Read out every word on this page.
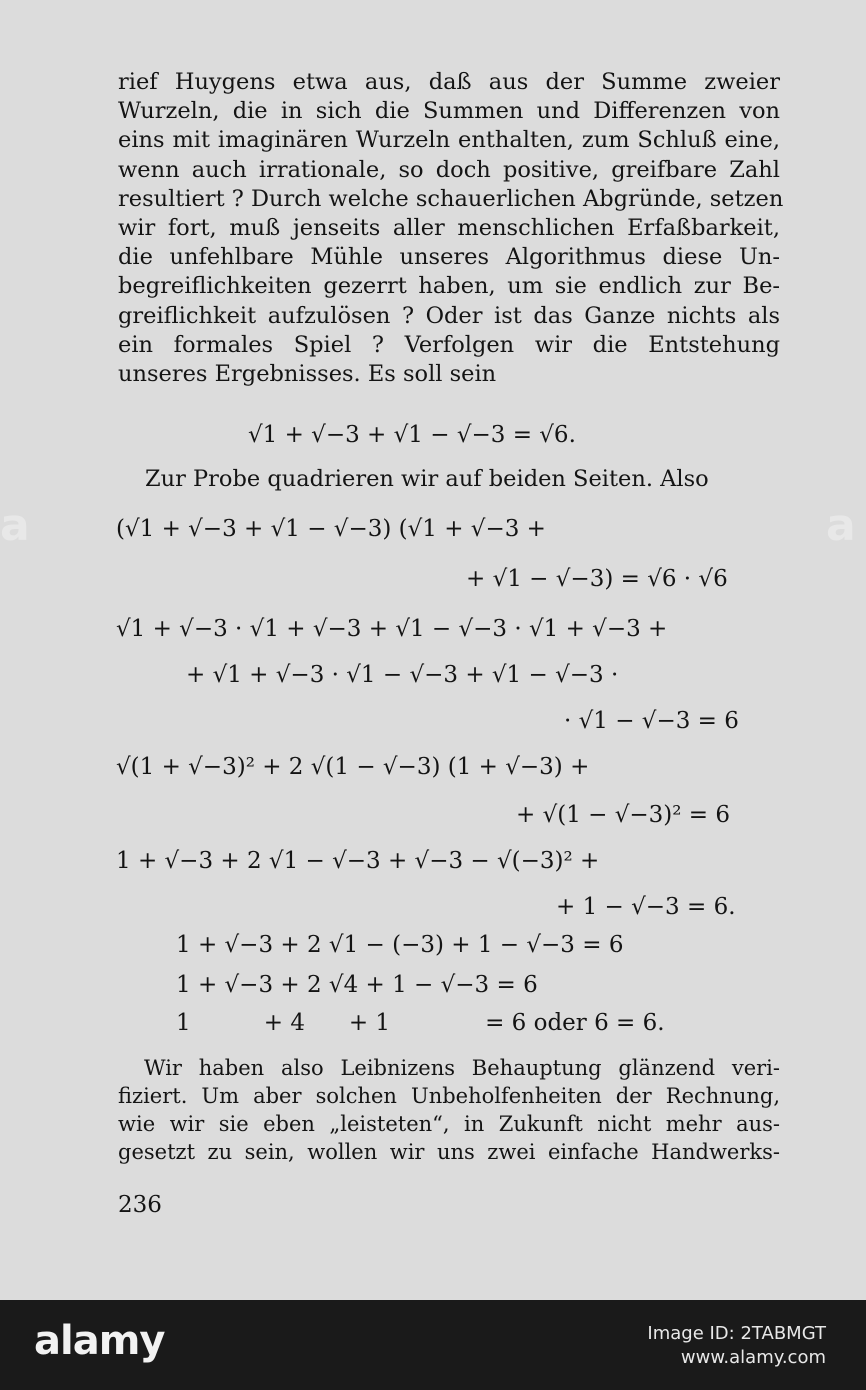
rief Huygens etwa aus, daß aus der Summe zweier
Wurzeln, die in sich die Summen und Differenzen von
eins mit imaginären Wurzeln enthalten, zum Schluß eine,
wenn auch irrationale, so doch positive, greifbare Zahl
resultiert ? Durch welche schauerlichen Abgründe, setzen
wir fort, muß jenseits aller menschlichen Erfaßbarkeit,
die unfehlbare Mühle unseres Algorithmus diese Un-
begreiflichkeiten gezerrt haben, um sie endlich zur Be-
greiflichkeit aufzulösen ? Oder ist das Ganze nichts als
ein formales Spiel ? Verfolgen wir die Entstehung
unseres Ergebnisses. Es soll sein
√1 + √−3 + √1 − √−3 = √6.
Zur Probe quadrieren wir auf beiden Seiten. Also
(√1 + √−3 + √1 − √−3) (√1 + √−3 +
+ √1 − √−3) = √6 · √6
√1 + √−3 · √1 + √−3 + √1 − √−3 · √1 + √−3 +
+ √1 + √−3 · √1 − √−3 + √1 − √−3 ·
· √1 − √−3 = 6
√(1 + √−3)² + 2 √(1 − √−3) (1 + √−3) +
+ √(1 − √−3)² = 6
1 + √−3 + 2 √1 − √−3 + √−3 − √(−3)² +
+ 1 − √−3 = 6.
1 + √−3 + 2 √1 − (−3) + 1 − √−3 = 6
1 + √−3 + 2 √4 + 1 − √−3 = 6
1          + 4      + 1             = 6 oder 6 = 6.
Wir haben also Leibnizens Behauptung glänzend veri-
fiziert. Um aber solchen Unbeholfenheiten der Rechnung,
wie wir sie eben „leisteten“, in Zukunft nicht mehr aus-
gesetzt zu sein, wollen wir uns zwei einfache Handwerks-
236
a	a
alamy	Image ID: 2TABMGT
www.alamy.com
